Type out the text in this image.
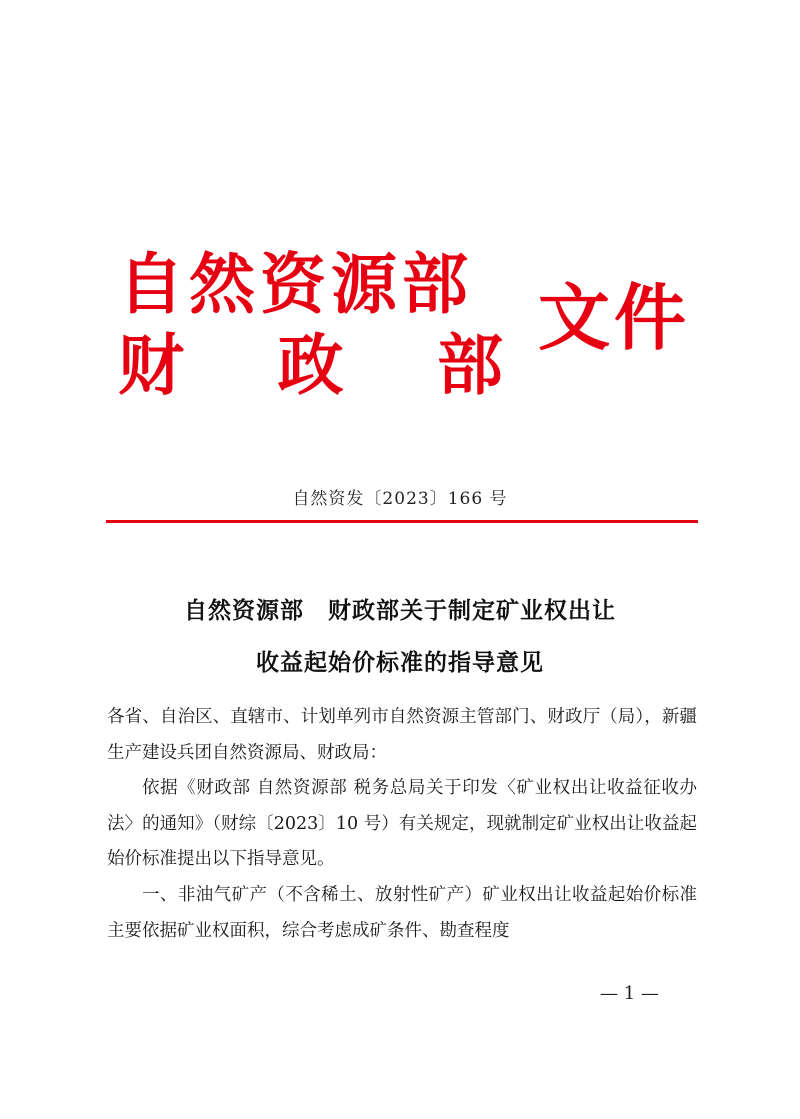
自然资源部
财 政 部
文件
自然资发〔2023〕166 号
自然资源部　财政部关于制定矿业权出让
收益起始价标准的指导意见

各省、自治区、直辖市、计划单列市自然资源主管部门、财政厅（局），新疆生产建设兵团自然资源局、财政局：

依据《财政部 自然资源部 税务总局关于印发〈矿业权出让收益征收办法〉的通知》（财综〔2023〕10 号）有关规定，现就制定矿业权出让收益起始价标准提出以下指导意见。

一、非油气矿产（不含稀土、放射性矿产）矿业权出让收益起始价标准主要依据矿业权面积，综合考虑成矿条件、勘查程度

— 1 —
